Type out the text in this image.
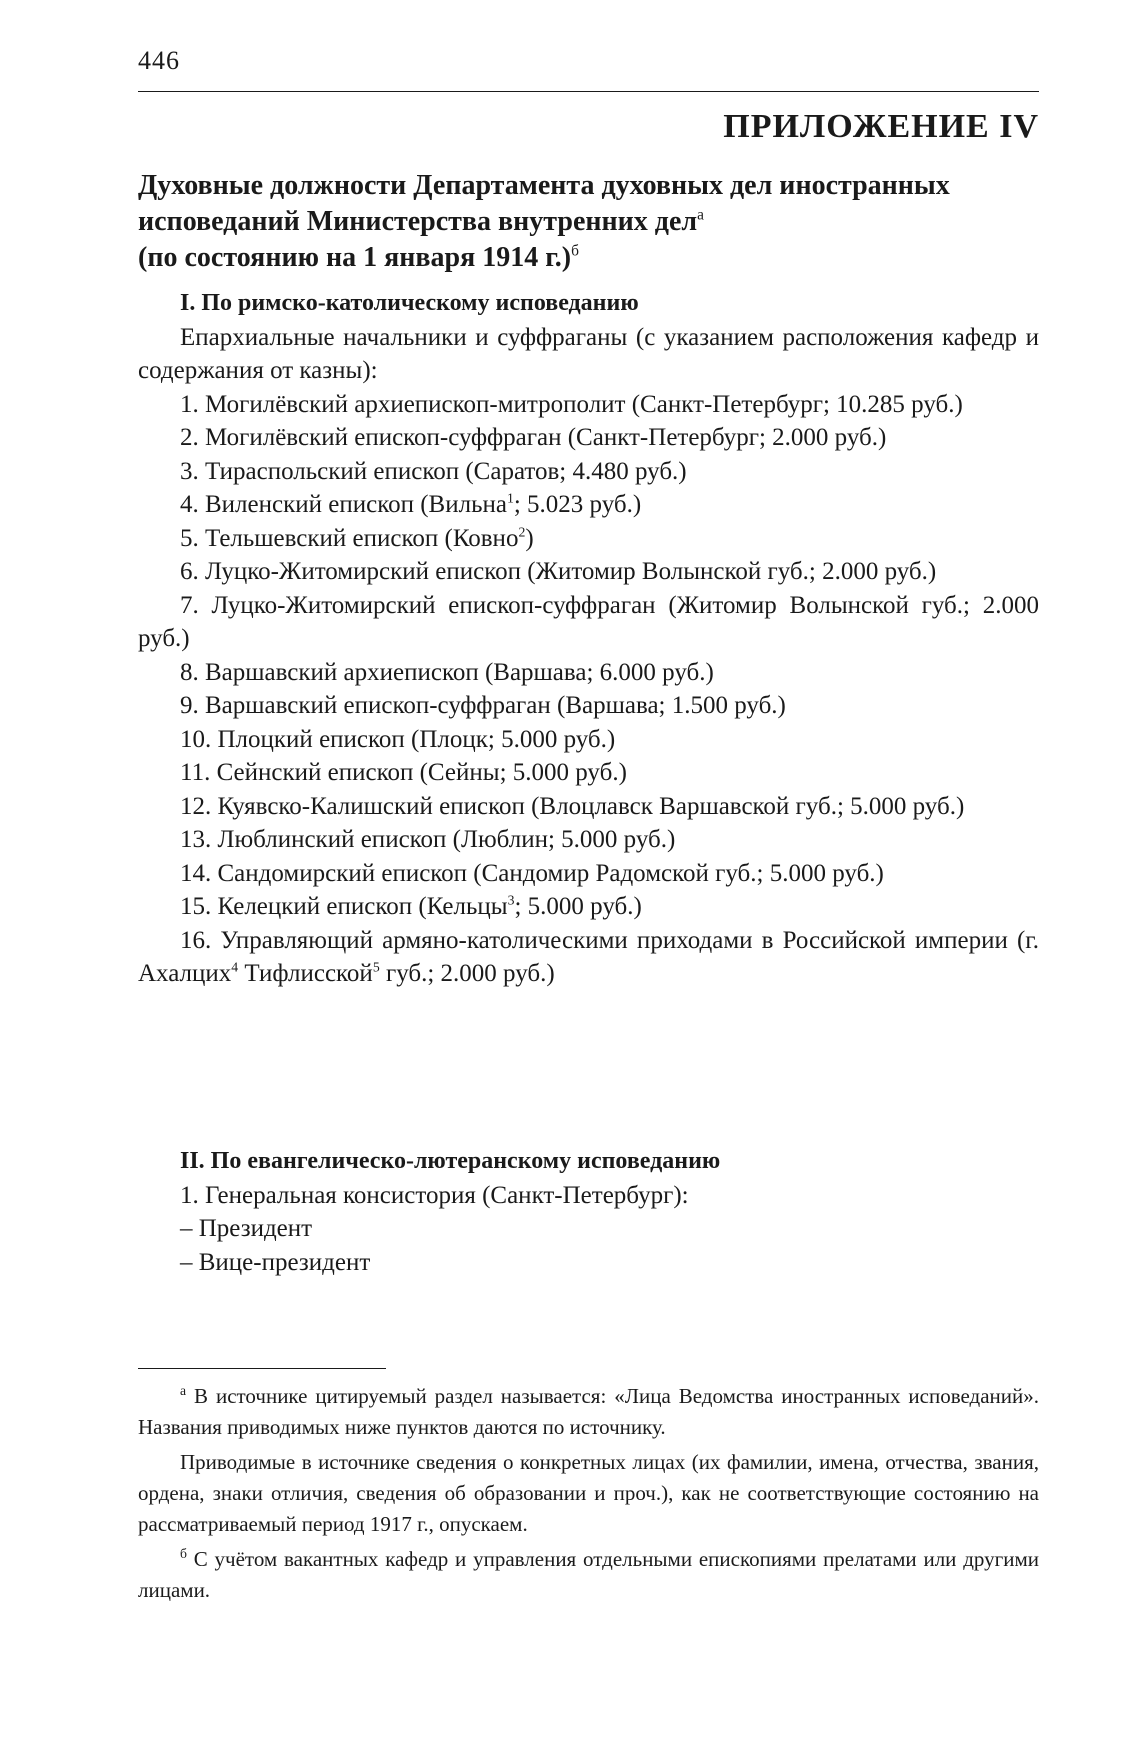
446
ПРИЛОЖЕНИЕ IV
Духовные должности Департамента духовных дел иностранных
исповеданий Министерства внутренних дел$^а$
(по состоянию на 1 января 1914 г.)$^б$
I. По римско-католическому исповеданию

Епархиальные начальники и суффраганы (с указанием расположения кафедр и содержания от казны):

1. Могилёвский архиепископ-митрополит (Санкт-Петербург; 10.285 руб.)
2. Могилёвский епископ-суффраган (Санкт-Петербург; 2.000 руб.)
3. Тираспольский епископ (Саратов; 4.480 руб.)
4. Виленский епископ (Вильна$^1$; 5.023 руб.)
5. Тельшевский епископ (Ковно$^2$)
6. Луцко-Житомирский епископ (Житомир Волынской губ.; 2.000 руб.)
7. Луцко-Житомирский епископ-суффраган (Житомир Волынской губ.; 2.000 руб.)
8. Варшавский архиепископ (Варшава; 6.000 руб.)
9. Варшавский епископ-суффраган (Варшава; 1.500 руб.)
10. Плоцкий епископ (Плоцк; 5.000 руб.)
11. Сейнский епископ (Сейны; 5.000 руб.)
12. Куявско-Калишский епископ (Влоцлавск Варшавской губ.; 5.000 руб.)
13. Люблинский епископ (Люблин; 5.000 руб.)
14. Сандомирский епископ (Сандомир Радомской губ.; 5.000 руб.)
15. Келецкий епископ (Кельцы$^3$; 5.000 руб.)
16. Управляющий армяно-католическими приходами в Российской империи (г. Ахалцих$^4$ Тифлисской$^5$ губ.; 2.000 руб.)
II. По евангелическо-лютеранскому исповеданию
1. Генеральная консистория (Санкт-Петербург):
– Президент
– Вице-президент

$^а$ В источнике цитируемый раздел называется: «Лица Ведомства иностранных исповеданий». Названия приводимых ниже пунктов даются по источнику.

Приводимые в источнике сведения о конкретных лицах (их фамилии, имена, отчества, звания, ордена, знаки отличия, сведения об образовании и проч.), как не соответствующие состоянию на рассматриваемый период 1917 г., опускаем.

$^б$ С учётом вакантных кафедр и управления отдельными епископиями прелатами или другими лицами.
